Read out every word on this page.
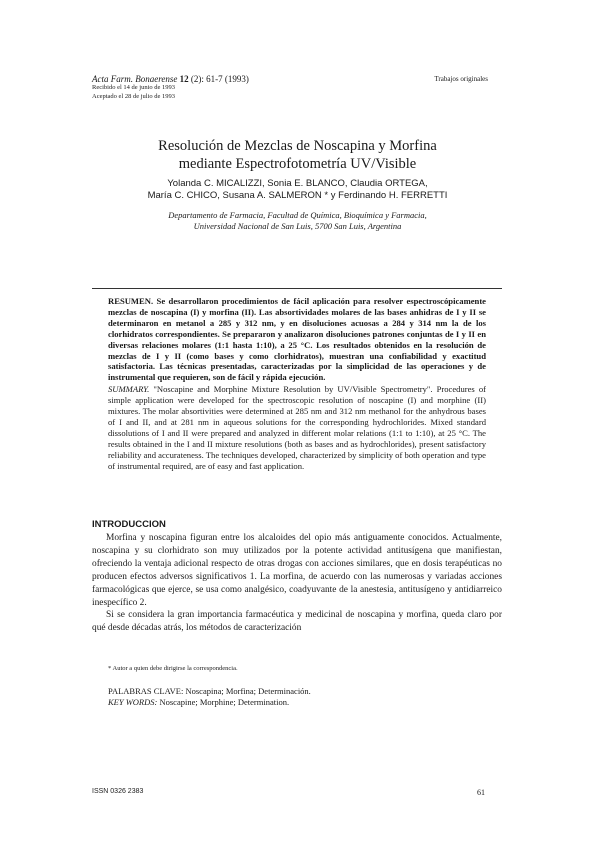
Acta Farm. Bonaerense 12 (2): 61-7 (1993)
Recibido el 14 de junio de 1993
Aceptado el 28 de julio de 1993
Trabajos originales
Resolución de Mezclas de Noscapina y Morfina
mediante Espectrofotometría UV/Visible
Yolanda C. MICALIZZI, Sonia E. BLANCO, Claudia ORTEGA,
María C. CHICO, Susana A. SALMERON * y Ferdinando H. FERRETTI
Departamento de Farmacia, Facultad de Química, Bioquímica y Farmacia,
Universidad Nacional de San Luis, 5700 San Luis, Argentina

RESUMEN. Se desarrollaron procedimientos de fácil aplicación para resolver espectroscópicamente mezclas de noscapina (I) y morfina (II). Las absortividades molares de las bases anhidras de I y II se determinaron en metanol a 285 y 312 nm, y en disoluciones acuosas a 284 y 314 nm la de los clorhidratos correspondientes. Se prepararon y analizaron disoluciones patrones conjuntas de I y II en diversas relaciones molares (1:1 hasta 1:10), a 25 °C. Los resultados obtenidos en la resolución de mezclas de I y II (como bases y como clorhidratos), muestran una confiabilidad y exactitud satisfactoria. Las técnicas presentadas, caracterizadas por la simplicidad de las operaciones y de instrumental que requieren, son de fácil y rápida ejecución.

SUMMARY. "Noscapine and Morphine Mixture Resolution by UV/Visible Spectrometry". Procedures of simple application were developed for the spectroscopic resolution of noscapine (I) and morphine (II) mixtures. The molar absortivities were determined at 285 nm and 312 nm methanol for the anhydrous bases of I and II, and at 281 nm in aqueous solutions for the corresponding hydrochlorides. Mixed standard dissolutions of I and II were prepared and analyzed in different molar relations (1:1 to 1:10), at 25 °C. The results obtained in the I and II mixture resolutions (both as bases and as hydrochlorides), present satisfactory reliability and accurateness. The techniques developed, characterized by simplicity of both operation and type of instrumental required, are of easy and fast application.

INTRODUCCION

Morfina y noscapina figuran entre los alcaloides del opio más antiguamente conocidos. Actualmente, noscapina y su clorhidrato son muy utilizados por la potente actividad antitusígena que manifiestan, ofreciendo la ventaja adicional respecto de otras drogas con acciones similares, que en dosis terapéuticas no producen efectos adversos significativos 1. La morfina, de acuerdo con las numerosas y variadas acciones farmacológicas que ejerce, se usa como analgésico, coadyuvante de la anestesia, antitusígeno y antidiarreico inespecífico 2.

Si se considera la gran importancia farmacéutica y medicinal de noscapina y morfina, queda claro por qué desde décadas atrás, los métodos de caracterización

* Autor a quien debe dirigirse la correspondencia.
PALABRAS CLAVE: Noscapina; Morfina; Determinación.
KEY WORDS: Noscapine; Morphine; Determination.
ISSN 0326 2383	61
